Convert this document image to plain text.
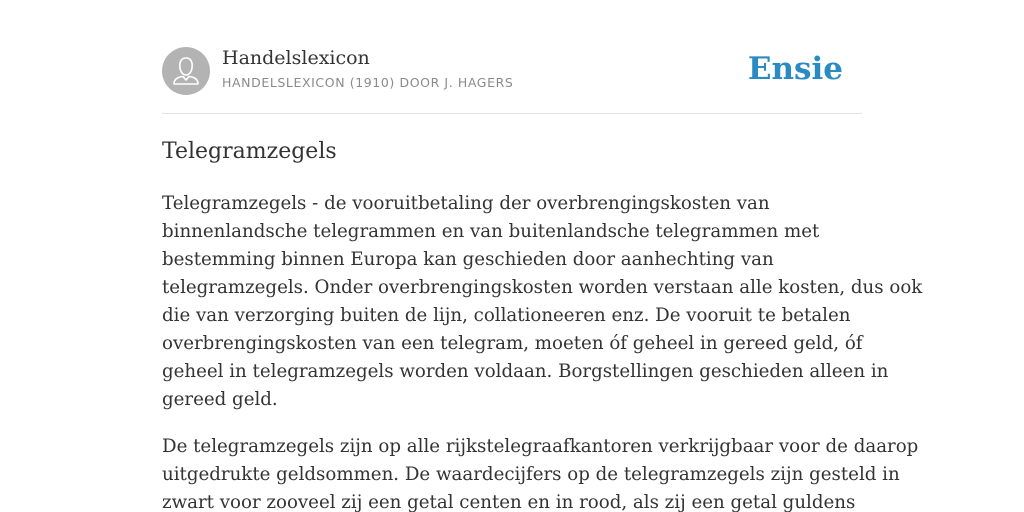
Handelslexicon
HANDELSLEXICON (1910) DOOR J. HAGERS	Ensie
Telegramzegels

Telegramzegels - de vooruitbetaling der overbrengingskosten van
binnenlandsche telegrammen en van buitenlandsche telegrammen met
bestemming binnen Europa kan geschieden door aanhechting van
telegramzegels. Onder overbrengingskosten worden verstaan alle kosten, dus ook
die van verzorging buiten de lijn, collationeeren enz. De vooruit te betalen
overbrengingskosten van een telegram, moeten óf geheel in gereed geld, óf
geheel in telegramzegels worden voldaan. Borgstellingen geschieden alleen in
gereed geld.

De telegramzegels zijn op alle rijkstelegraafkantoren verkrijgbaar voor de daarop
uitgedrukte geldsommen. De waardecijfers op de telegramzegels zijn gesteld in
zwart voor zooveel zij een getal centen en in rood, als zij een getal guldens
